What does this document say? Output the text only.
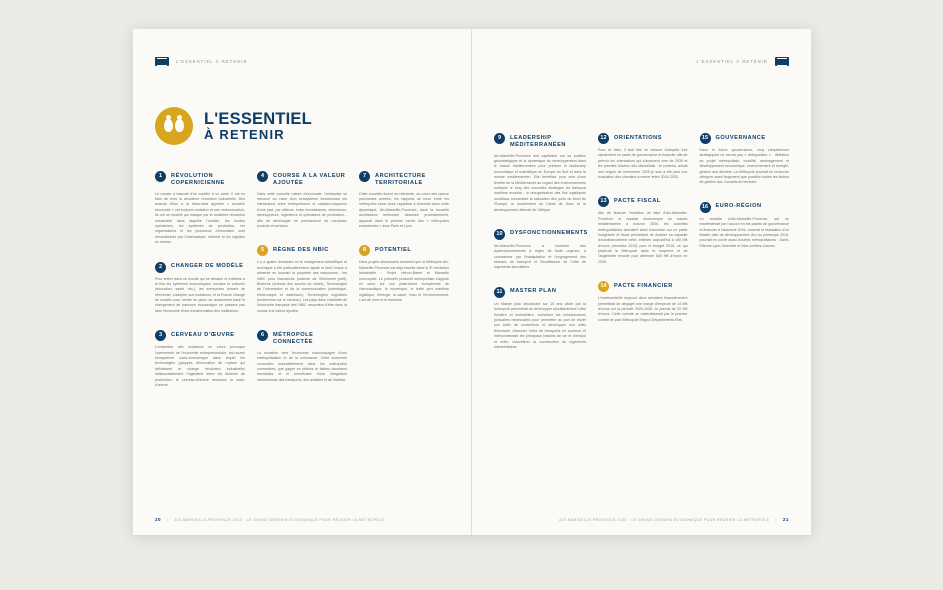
L'ESSENTIEL À RETENIR
L'ESSENTIEL
À RETENIR
1	RÉVOLUTION COPERNICIENNE
Le monde a basculé d'un modèle à un autre. Il est en train de vivre la deuxième révolution industrielle. Des acteurs d'hier à la désormais appelée « nouvelle économie » ont toujours mutation et une restructuration, ils ont un modèle qui marque par la troisième révolution industrielle dans laquelle l'activité, les modes opératoires, les systèmes de production, les organisations et les processus d'innovation sont révolutionnés par l'informatique, Internet et les logiciels en réseau.
2	CHANGER DE MODÈLE
Pour entrer dans ce monde qui se dessine et s'affirme à la fois les systèmes économiques, sociaux et culturels (éducation, santé, etc.), les entreprises doivent se réinventer, s'adapter aux mutations, et la France change de modèle pour mettre en place un classement basé le changement de parcours économique ne passera pas faire l'économie d'une transformation des institutions.
3	CERVEAU D'ŒUVRE
L'ensemble des mutations en cours provoque l'avènement de l'économie entrepreneuriale, soi-nouvel écosystème socio-économique dans lequel les technologies (grappes d'innovation de rupture qui définissent et change révolution industrielle) indissociablement l'ingénierie entre les facteurs de production, le cerveau-d'œuvre remplace la main-d'œuvre.
4	COURSE À LA VALEUR AJOUTÉE
Dans cette nouvelle nature d'économie, l'entreprise se retrouve au cœur d'un écosystème fonctionnant les interactions entre entrepreneurs et capitaux-risqueurs d'une part, par ailleurs, entre investisseurs, chercheurs, développeurs, ingénieurs et opérateurs de production... afin de développer en permanence de nouveaux produits et services.
5	RÈGNE DES NBIC
Il y a quatre domaines où le changement scientifique et technique a été particulièrement rapide et dont l'essor a alimenté en fourrant la propriété des ressources : les NBIC pour Nanotechs (science de l'infiniment petit), Biotechs (science des savoirs du vivant), Technologies de l'Information et de la communication (numérique, électronique et matériaux), Technologies cognitives (recherches sur le cerveau). Les pays dans l'oubliette de l'économie française des NBIC ressortent d'être dans la course à la valeur ajoutée.
6	MÉTROPOLE CONNECTÉE
La mutation vers l'économie s'accompagne d'une métropolisation et de la croissance. Cette économie connectée essentiellement dans les métropoles connectées, que gagne en bêtises et faibles favorisent mondiales et el bénéficient d'une intégration harmonieuse des transports, des activités et de l'habitat.
7	ARCHITECTURE TERRITORIALE
Cette nouvelle donne se réinvente, au cours des quinze prochaines années, les rapports de force entre les métropoles selon leurs capacités à s'inscrire dans cette dynamique. Aix-Marseille-Provence, dans la nouvelle architecture territoriale dessinée prochainement, apparaît dans le premier cercle des « métropoles eurasiennes » avec Paris et Lyon.
8	POTENTIEL
Deux projets structurants montrent que la Métropole Aix-Marseille-Provence est déjà inscrite dans la 3ᵉ révolution industrielle : Projet Hénon-Babet et Marseille Innovopôle. Le potentiel productif métropolitain s'appuie en outre sur une plate-forme européenne de l'aéronautique, le numérique, le traité port maritime logistique, l'énergie, la santé, l'eau et l'environnement. L'art de vivre et le tourisme.
20 | AIX-MARSEILLE-PROVENCE 2030 · LE GRAND DESSEIN ÉCONOMIQUE POUR RÉUSSIR LA MÉTROPOLE
L'ESSENTIEL À RETENIR
9	LEADERSHIP MÉDITERRANÉEN
Aix-Marseille-Provence doit capitaliser sur sa position géostratégique et la dynamique du développement dans le bassin méditerranéen pour préciser le leadership économique et scientifique en Europe du Sud et dans le monde méditerranéen. Elle bénéficie pour cela d'une fenêtre de la Méditerranée au regard des environnements entrepris le long des nouvelles stratégies du transport maritime mondial : la réorganisation des flux logistiques mondiaux connectant la saturation des ports du Nord de l'Europe, le doublement du Canal de Suez et le développement attendu de l'Afrique.
10	DYSFONCTIONNEMENTS
Aix-Marseille-Provence a toutefois des dysfonctionnements à régler de toute urgence, à commencer par l'inadaptation et l'engorgement des réseaux de transport et l'insuffisance de l'offre de logements abordables.
11	MASTER PLAN
Un Master plan structurant sur 15 ans piloté par la métropole permettrait de développer simultanément l'offre foncière et immobilière, constituer les infrastructures portuaires nécessaires pour permettre au port de tripler son trafic de conteneurs et développer son trafic ferroviaire, d'assurer l'offre de transports en commun et interconnectant les principaux bassins de vie et d'emploi et enfin, d'accélérer la construction de logements intermédiaires.
12	ORIENTATIONS
Pour ce faire, il faut être en mesure d'adopter très rapidement un pacte de gouvernance et financier afin de prévoir les orientations qui s'avancent vers de 2030 et les priorités d'action des Marseillais : le contenu, aimait une origine de remembrer 2025 je suis a été peut une évaluation des chantiers à mener entre 2016-2030.
13	PACTE FISCAL
Afin de financer l'ambition de faire d'Aix-Marseille-Provence la capitale économique du bassin méditerranéen à horizon 2030, les autorités métropolitaines devraient alors s'accorder sur un pacte budgétaire et fiscal permettant de doubler sa capacité d'autofinancement nette, estimée aujourd'hui à 150 M€ d'euros (données 2015) pour le budget 2018, ce qui placerait la Métropole dans la moyenne et de l'augmenter ensuite pour atteindre 600 M€ d'euros en 2030.
14	PACTE FINANCIER
L'incrémentielle emprunt deux semaient financièrement permettrait de dégager une marge d'emprunt de 14 M€ d'euros sur la période 2020-2030. Je prends de 20 M€ d'euros. Cette volonté se matérialiserait par le premier contrat de plan Métropole Région Départements État.
15	GOUVERNANCE
Dans la future gouvernance, cinq compétences stratégiques ne seront pas « déléguables » : définition du projet métropolitain, mobilité, aménagement et développement économique, environnement et énergie, gestion des déchets. La Métropole pourrait en revanche déléguer aussi largement que possible toutes les tâches de gestion aux Conseils de territoire.
16	EURO-RÉGION
La réussite d'Aix-Marseille-Provence, qui se manifesterait par l'accord en les pactes de gouvernance et financier à l'automne 2016, ouvrirait la réalisation d'un Master plan de développement d'ici au printemps 2018, pourrait en ouvrir aussi d'autres métropolitaines : Saint-Étienne-Lyon-Grenoble et Nice-Antibes-Cannes.
AIX-MARSEILLE-PROVENCE 2030 · LE GRAND DESSEIN ÉCONOMIQUE POUR RÉUSSIR LA MÉTROPOLE | 21
